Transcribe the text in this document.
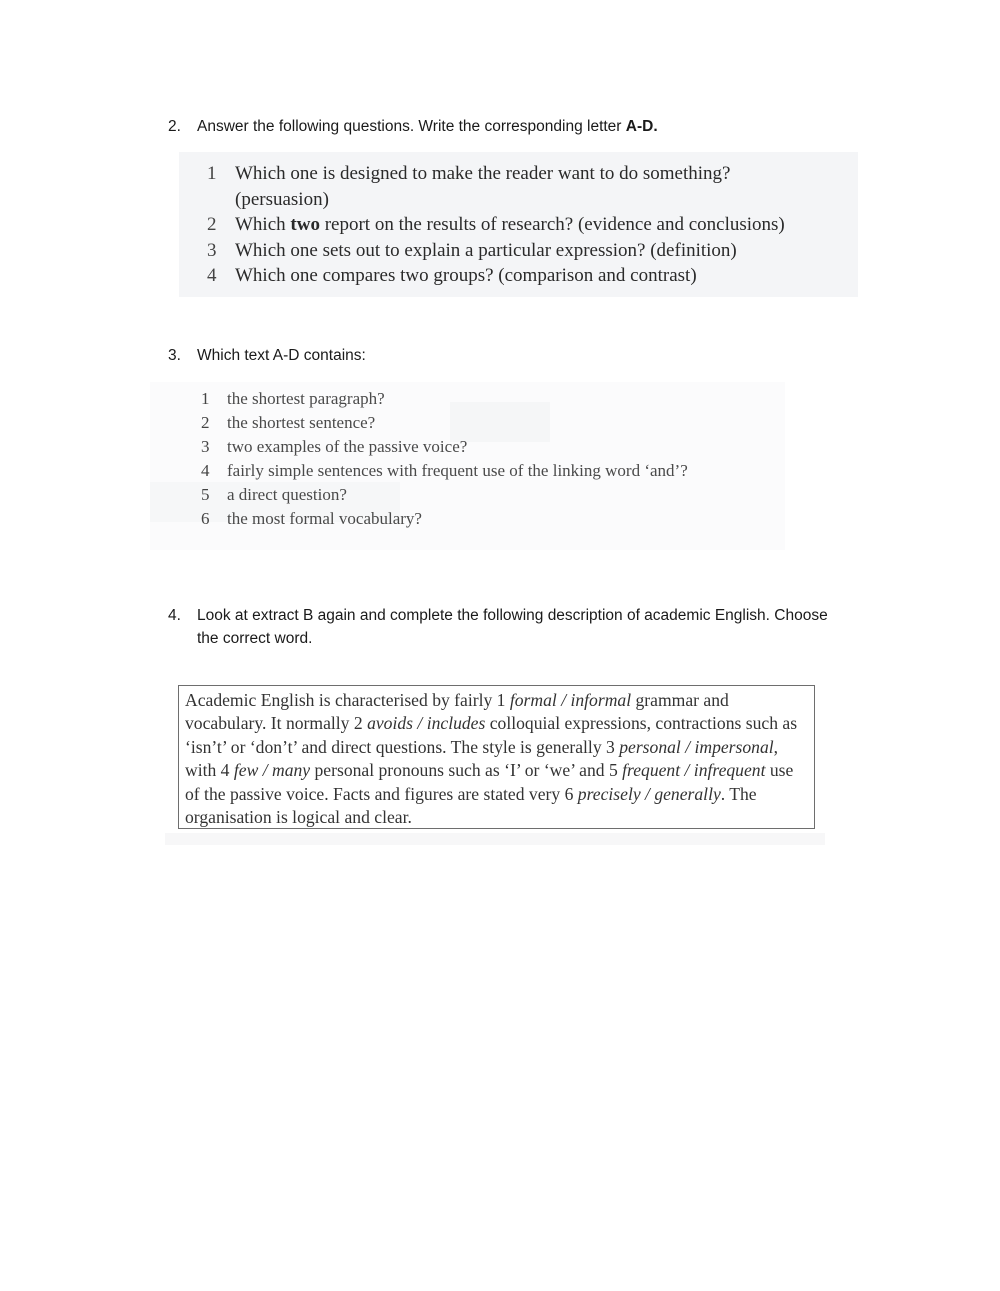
2. Answer the following questions. Write the corresponding letter A-D.
1 Which one is designed to make the reader want to do something?
(persuasion)
2 Which two report on the results of research? (evidence and conclusions)
3 Which one sets out to explain a particular expression? (definition)
4 Which one compares two groups? (comparison and contrast)
3. Which text A-D contains:
1 the shortest paragraph?
2 the shortest sentence?
3 two examples of the passive voice?
4 fairly simple sentences with frequent use of the linking word ‘and’?
5 a direct question?
6 the most formal vocabulary?
4. Look at extract B again and complete the following description of academic English. Choose the correct word.
Academic English is characterised by fairly 1 formal / informal grammar and vocabulary. It normally 2 avoids / includes colloquial expressions, contractions such as ‘isn’t’ or ‘don’t’ and direct questions. The style is generally 3 personal / impersonal, with 4 few / many personal pronouns such as ‘I’ or ‘we’ and 5 frequent / infrequent use of the passive voice. Facts and figures are stated very 6 precisely / generally. The organisation is logical and clear.
